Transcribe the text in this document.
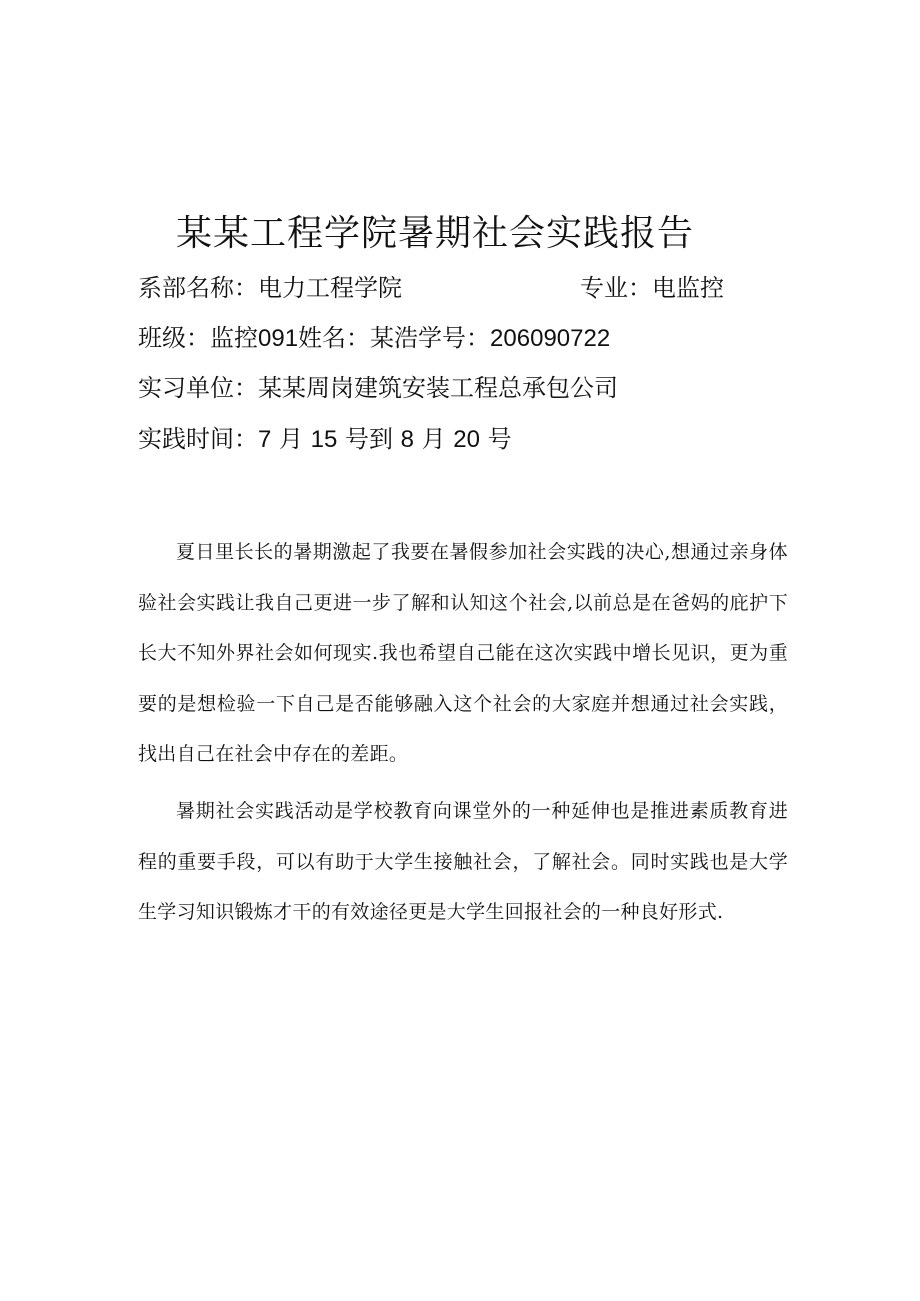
某某工程学院暑期社会实践报告

系部名称：电力工程学院	专业：电监控

班级：监控091姓名：某浩学号：206090722

实习单位：某某周岗建筑安装工程总承包公司

实践时间：7 月 15 号到 8 月 20 号

夏日里长长的暑期激起了我要在暑假参加社会实践的决心,想通过亲身体验社会实践让我自己更进一步了解和认知这个社会,以前总是在爸妈的庇护下长大不知外界社会如何现实.我也希望自己能在这次实践中增长见识，更为重要的是想检验一下自己是否能够融入这个社会的大家庭并想通过社会实践，找出自己在社会中存在的差距。

暑期社会实践活动是学校教育向课堂外的一种延伸也是推进素质教育进程的重要手段，可以有助于大学生接触社会，了解社会。同时实践也是大学生学习知识锻炼才干的有效途径更是大学生回报社会的一种良好形式.
